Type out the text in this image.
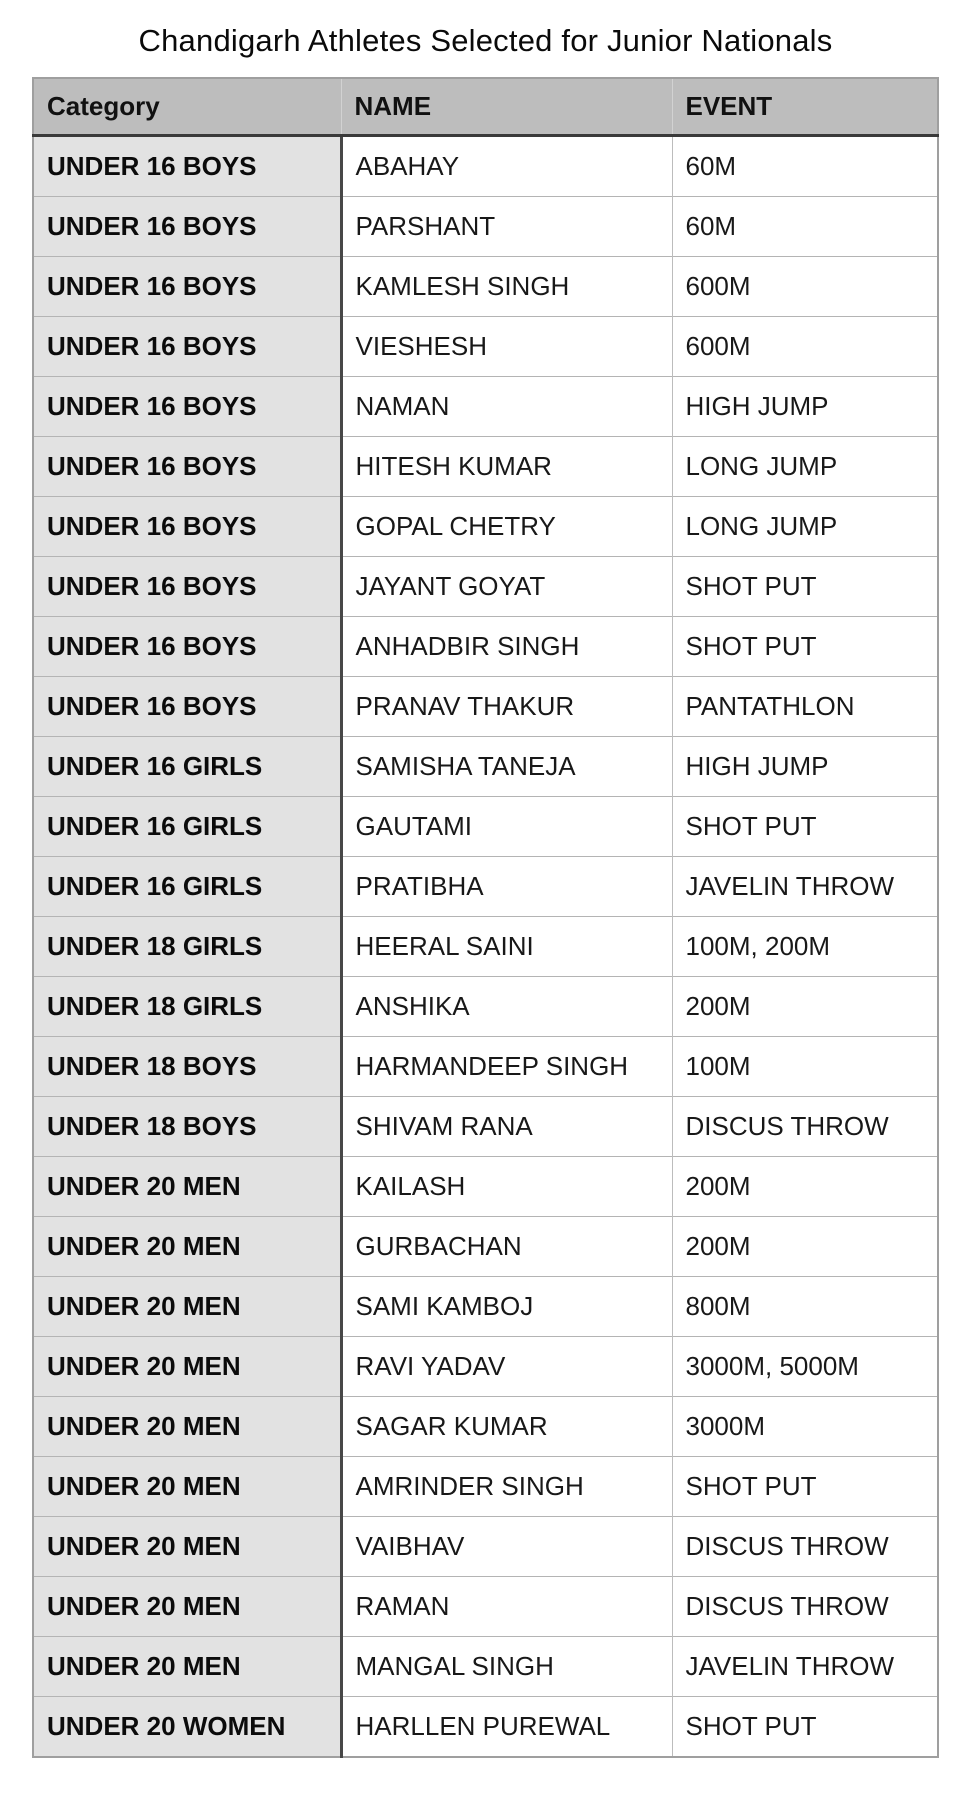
Chandigarh Athletes Selected for Junior Nationals
Category	NAME	EVENT
UNDER 16 BOYS	ABAHAY	60M
UNDER 16 BOYS	PARSHANT	60M
UNDER 16 BOYS	KAMLESH SINGH	600M
UNDER 16 BOYS	VIESHESH	600M
UNDER 16 BOYS	NAMAN	HIGH JUMP
UNDER 16 BOYS	HITESH KUMAR	LONG JUMP
UNDER 16 BOYS	GOPAL CHETRY	LONG JUMP
UNDER 16 BOYS	JAYANT GOYAT	SHOT PUT
UNDER 16 BOYS	ANHADBIR SINGH	SHOT PUT
UNDER 16 BOYS	PRANAV THAKUR	PANTATHLON
UNDER 16 GIRLS	SAMISHA TANEJA	HIGH JUMP
UNDER 16 GIRLS	GAUTAMI	SHOT PUT
UNDER 16 GIRLS	PRATIBHA	JAVELIN THROW
UNDER 18 GIRLS	HEERAL SAINI	100M, 200M
UNDER 18 GIRLS	ANSHIKA	200M
UNDER 18 BOYS	HARMANDEEP SINGH	100M
UNDER 18 BOYS	SHIVAM RANA	DISCUS THROW
UNDER 20 MEN	KAILASH	200M
UNDER 20 MEN	GURBACHAN	200M
UNDER 20 MEN	SAMI KAMBOJ	800M
UNDER 20 MEN	RAVI YADAV	3000M, 5000M
UNDER 20 MEN	SAGAR KUMAR	3000M
UNDER 20 MEN	AMRINDER SINGH	SHOT PUT
UNDER 20 MEN	VAIBHAV	DISCUS THROW
UNDER 20 MEN	RAMAN	DISCUS THROW
UNDER 20 MEN	MANGAL SINGH	JAVELIN THROW
UNDER 20 WOMEN	HARLLEN PUREWAL	SHOT PUT
